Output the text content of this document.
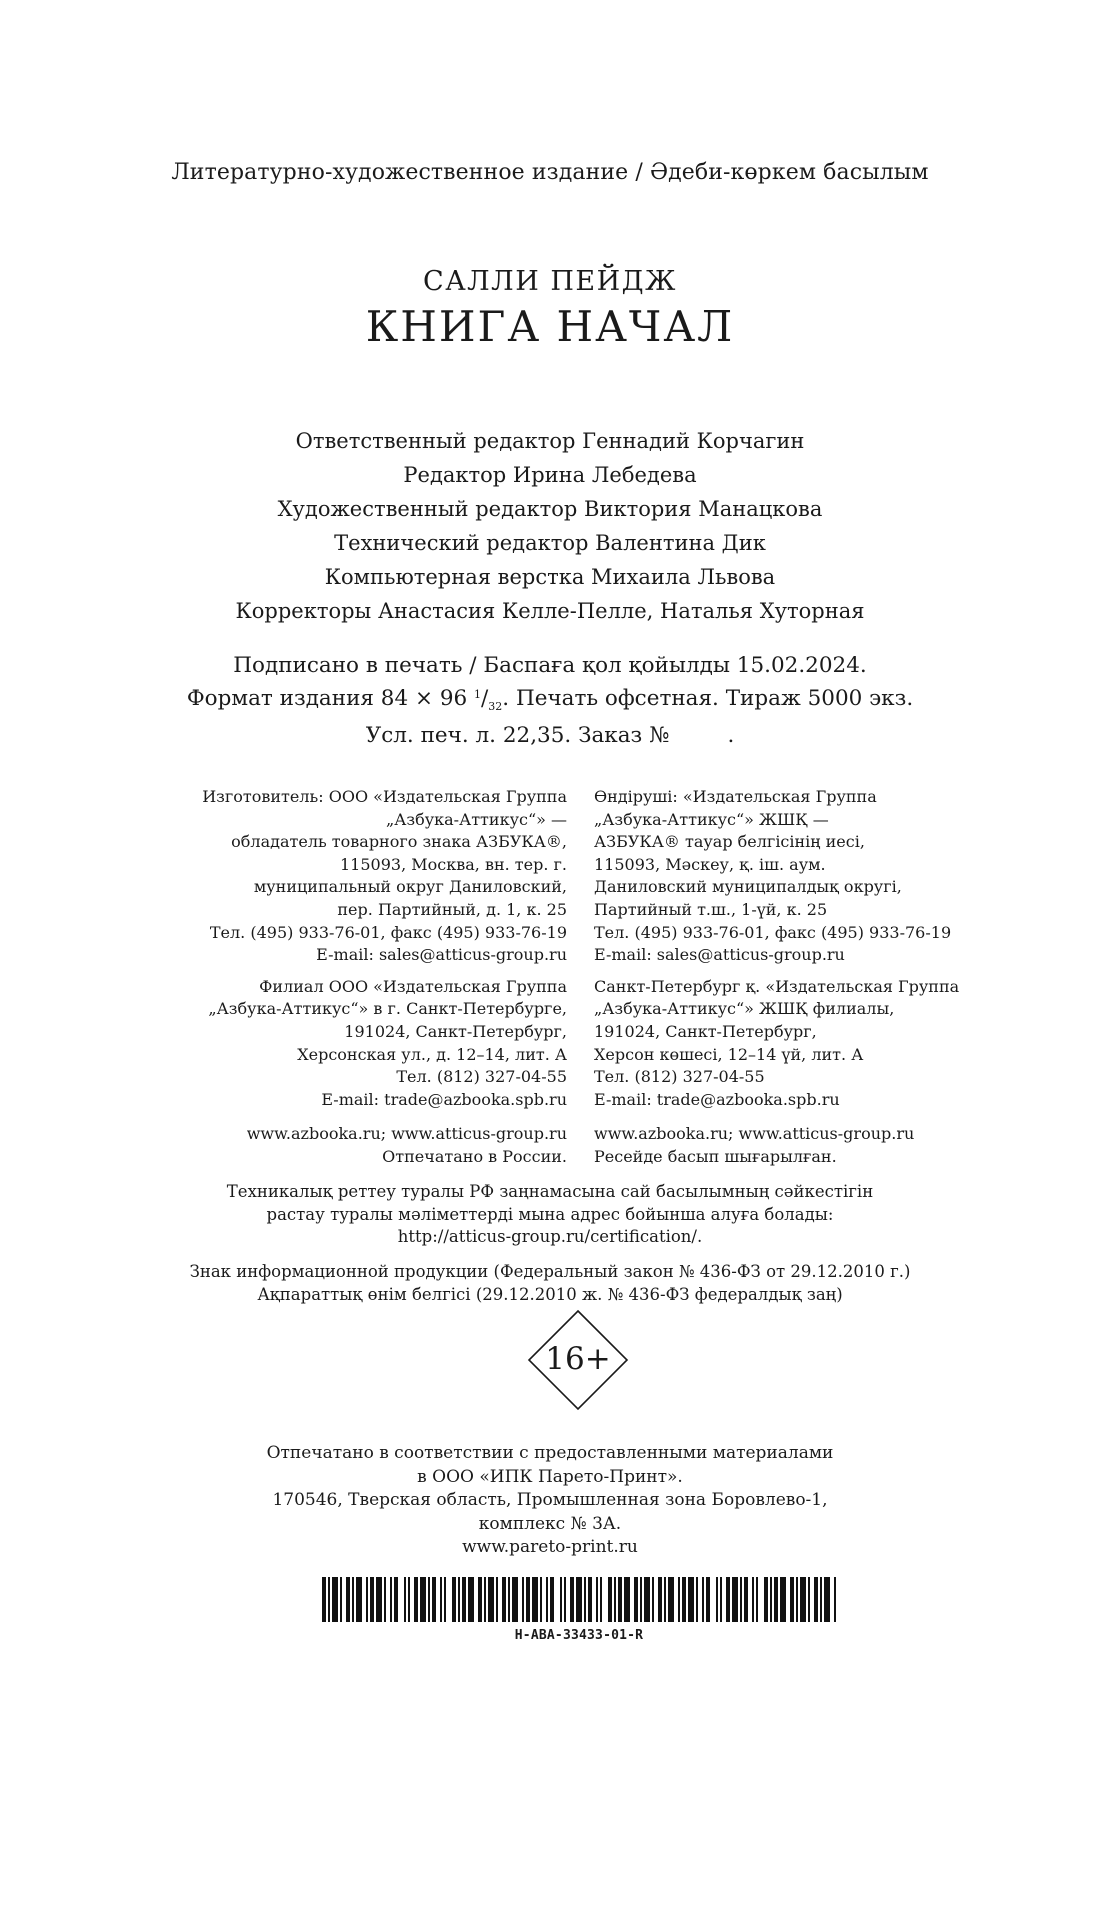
Литературно-художественное издание / Әдеби-көркем басылым
САЛЛИ ПЕЙДЖ
КНИГА НАЧАЛ
Ответственный редактор Геннадий Корчагин
Редактор Ирина Лебедева
Художественный редактор Виктория Манацкова
Технический редактор Валентина Дик
Компьютерная верстка Михаила Львова
Корректоры Анастасия Келле-Пелле, Наталья Хуторная
Подписано в печать / Баспаға қол қойылды 15.02.2024.
Формат издания 84 × 96 $^1/_{32}$. Печать офсетная. Тираж 5000 экз.
Усл. печ. л. 22,35. Заказ №	.
Изготовитель: ООО «Издательская Группа
„Азбука-Аттикус“» —
обладатель товарного знака АЗБУКА®,
115093, Москва, вн. тер. г.
муниципальный округ Даниловский,
пер. Партийный, д. 1, к. 25
Тел. (495) 933-76-01, факс (495) 933-76-19
E-mail: sales@atticus-group.ru
Филиал ООО «Издательская Группа
„Азбука-Аттикус“» в г. Санкт-Петербурге,
191024, Санкт-Петербург,
Херсонская ул., д. 12–14, лит. А
Тел. (812) 327-04-55
E-mail: trade@azbooka.spb.ru
www.azbooka.ru; www.atticus-group.ru
Отпечатано в России.
Өндіруші: «Издательская Группа
„Азбука-Аттикус“» ЖШҚ —
АЗБУКА® тауар белгісінің иесі,
115093, Мәскеу, қ. іш. аум.
Даниловский муниципалдық округі,
Партийный т.ш., 1-үй, к. 25
Тел. (495) 933-76-01, факс (495) 933-76-19
E-mail: sales@atticus-group.ru
Санкт-Петербург қ. «Издательская Группа
„Азбука-Аттикус“» ЖШҚ филиалы,
191024, Санкт-Петербург,
Херсон көшесі, 12–14 үй, лит. А
Тел. (812) 327-04-55
E-mail: trade@azbooka.spb.ru
www.azbooka.ru; www.atticus-group.ru
Ресейде басып шығарылған.
Техникалық реттеу туралы РФ заңнамасына сай басылымның сәйкестігін
растау туралы мәліметтерді мына адрес бойынша алуға болады:
http://atticus-group.ru/certification/.
Знак информационной продукции (Федеральный закон № 436-ФЗ от 29.12.2010 г.)
Ақпараттық өнім белгісі (29.12.2010 ж. № 436-ФЗ федералдық заң)
16+
Отпечатано в соответствии с предоставленными материалами
в ООО «ИПК Парето-Принт».
170546, Тверская область, Промышленная зона Боровлево-1,
комплекс № 3А.
www.pareto-print.ru
H-ABA-33433-01-R
